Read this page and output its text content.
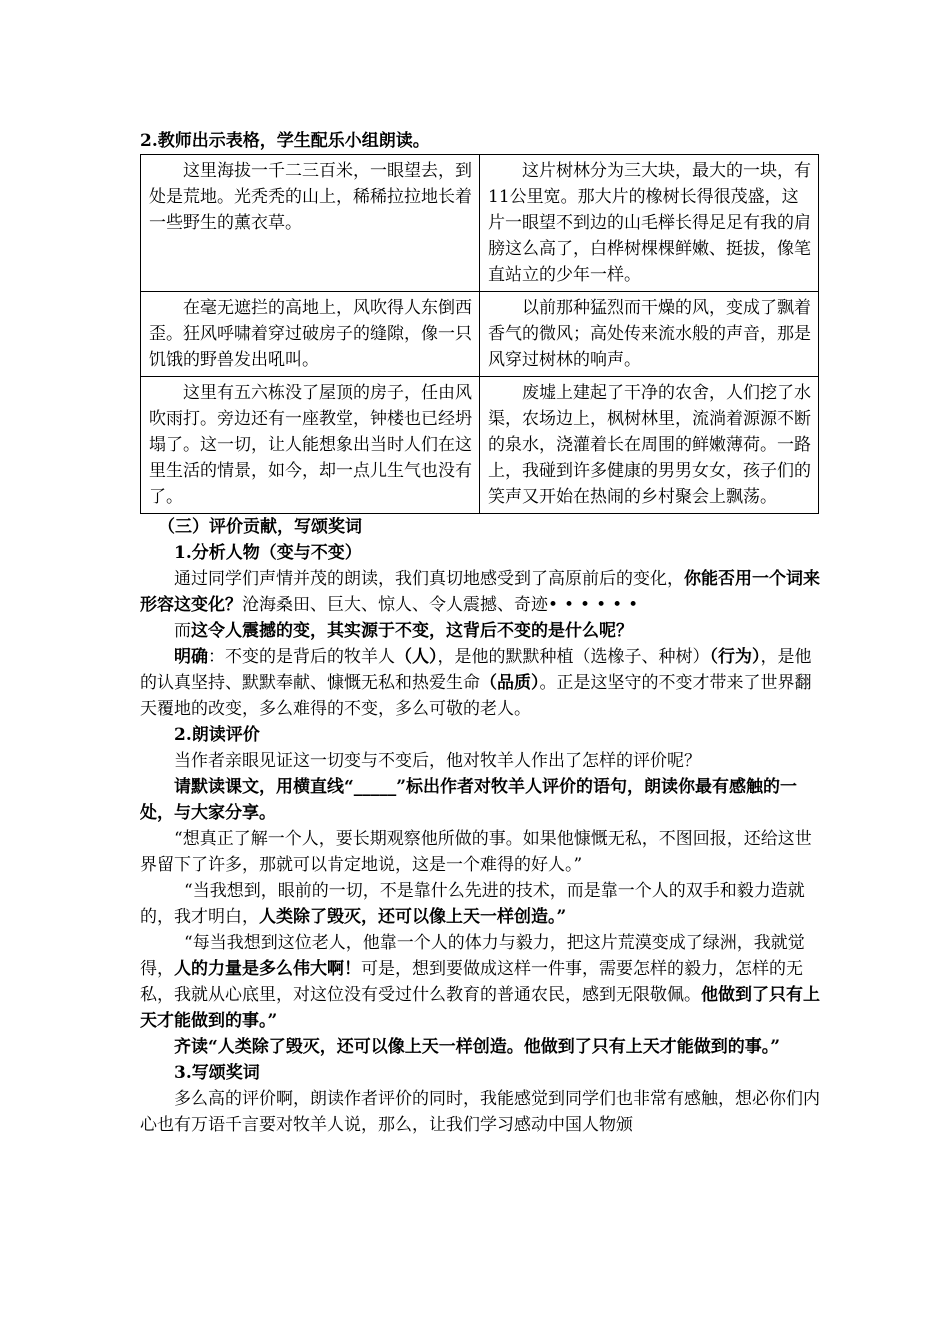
2.教师出示表格，学生配乐小组朗读。

这里海拔一千二三百米，一眼望去，到处是荒地。光秃秃的山上，稀稀拉拉地长着一些野生的薰衣草。	这片树林分为三大块，最大的一块，有11公里宽。那大片的橡树长得很茂盛，这片一眼望不到边的山毛榉长得足足有我的肩膀这么高了，白桦树棵棵鲜嫩、挺拔，像笔直站立的少年一样。
在毫无遮拦的高地上，风吹得人东倒西歪。狂风呼啸着穿过破房子的缝隙，像一只饥饿的野兽发出吼叫。	以前那种猛烈而干燥的风，变成了飘着香气的微风；高处传来流水般的声音，那是风穿过树林的响声。
这里有五六栋没了屋顶的房子，任由风吹雨打。旁边还有一座教堂，钟楼也已经坍塌了。这一切，让人能想象出当时人们在这里生活的情景，如今，却一点儿生气也没有了。	废墟上建起了干净的农舍，人们挖了水渠，农场边上，枫树林里，流淌着源源不断的泉水，浇灌着长在周围的鲜嫩薄荷。一路上，我碰到许多健康的男男女女，孩子们的笑声又开始在热闹的乡村聚会上飘荡。

（三）评价贡献，写颂奖词

1.分析人物（变与不变）

通过同学们声情并茂的朗读，我们真切地感受到了高原前后的变化，你能否用一个词来形容这变化？沧海桑田、巨大、惊人、令人震撼、奇迹••••••

而这令人震撼的变，其实源于不变，这背后不变的是什么呢？

明确：不变的是背后的牧羊人（人），是他的默默种植（选橡子、种树）（行为），是他的认真坚持、默默奉献、慷慨无私和热爱生命（品质）。正是这坚守的不变才带来了世界翻天覆地的改变，多么难得的不变，多么可敬的老人。

2.朗读评价

当作者亲眼见证这一切变与不变后，他对牧羊人作出了怎样的评价呢？

请默读课文，用横直线“_____”标出作者对牧羊人评价的语句，朗读你最有感触的一处，与大家分享。

“想真正了解一个人，要长期观察他所做的事。如果他慷慨无私，不图回报，还给这世界留下了许多，那就可以肯定地说，这是一个难得的好人。”

“当我想到，眼前的一切，不是靠什么先进的技术，而是靠一个人的双手和毅力造就的，我才明白，人类除了毁灭，还可以像上天一样创造。”

“每当我想到这位老人，他靠一个人的体力与毅力，把这片荒漠变成了绿洲，我就觉得，人的力量是多么伟大啊！可是，想到要做成这样一件事，需要怎样的毅力，怎样的无私，我就从心底里，对这位没有受过什么教育的普通农民，感到无限敬佩。他做到了只有上天才能做到的事。”

齐读“人类除了毁灭，还可以像上天一样创造。他做到了只有上天才能做到的事。”

3.写颂奖词

多么高的评价啊，朗读作者评价的同时，我能感觉到同学们也非常有感触，想必你们内心也有万语千言要对牧羊人说，那么，让我们学习感动中国人物颁
